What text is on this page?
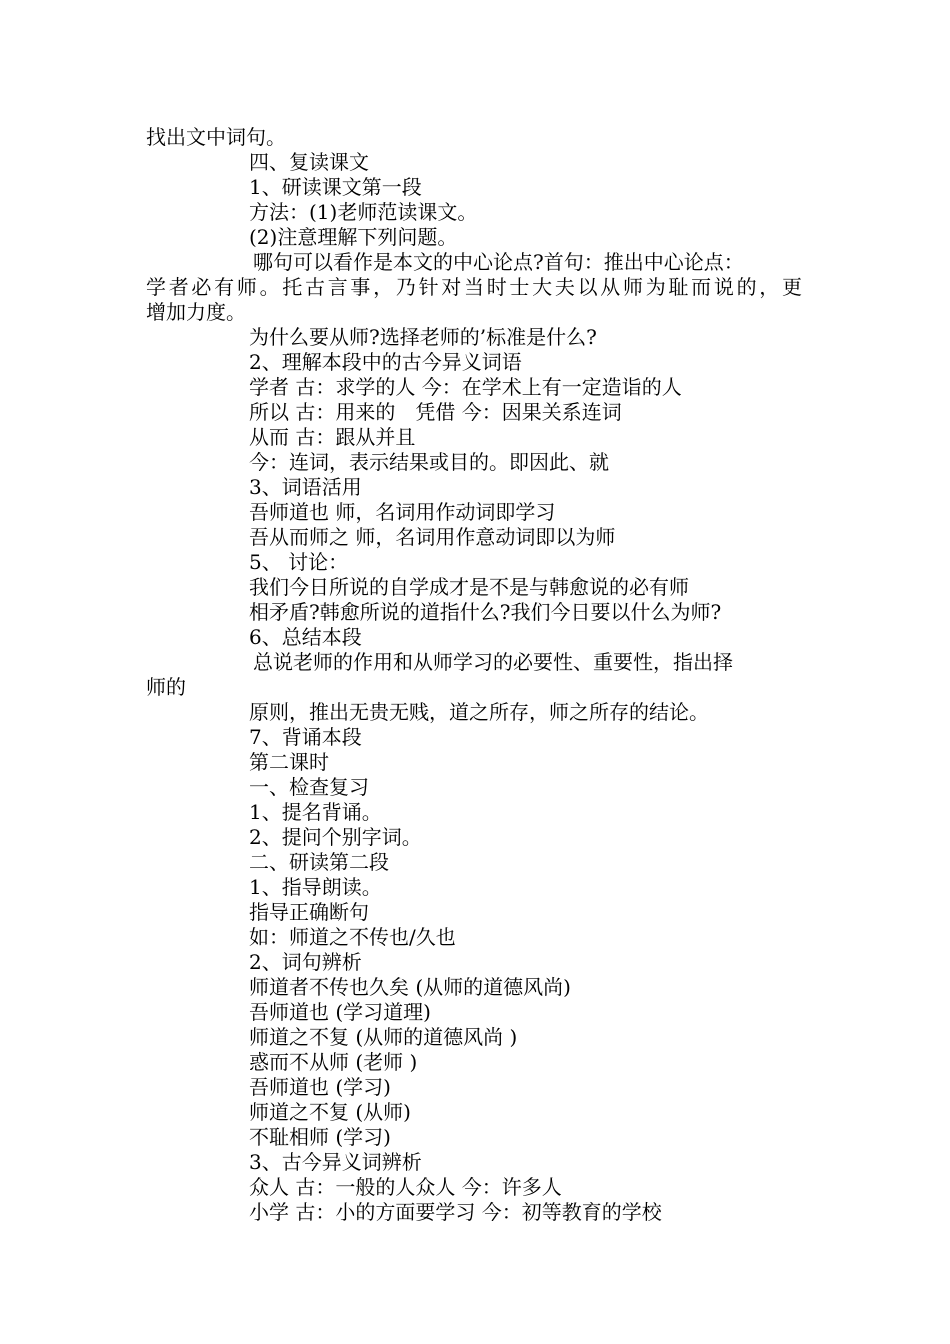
找出文中词句。
四、复读课文
1、研读课文第一段
方法：(1)老师范读课文。
(2)注意理解下列问题。
哪句可以看作是本文的中心论点?首句：推出中心论点：
学者必有师。托古言事，乃针对当时士大夫以从师为耻而说的，更
增加力度。
为什么要从师?选择老师的’标准是什么?
2、理解本段中的古今异义词语
学者 古：求学的人 今：在学术上有一定造诣的人
所以 古：用来的　凭借 今：因果关系连词
从而 古：跟从并且
今：连词，表示结果或目的。即因此、就
3、词语活用
吾师道也 师，名词用作动词即学习
吾从而师之 师，名词用作意动词即以为师
5、 讨论：
我们今日所说的自学成才是不是与韩愈说的必有师
相矛盾?韩愈所说的道指什么?我们今日要以什么为师?
6、总结本段
总说老师的作用和从师学习的必要性、重要性，指出择
师的
原则，推出无贵无贱，道之所存，师之所存的结论。
7、背诵本段
第二课时
一、检查复习
1、提名背诵。
2、提问个别字词。
二、研读第二段
1、指导朗读。
指导正确断句
如：师道之不传也/久也
2、词句辨析
师道者不传也久矣 (从师的道德风尚)
吾师道也 (学习道理)
师道之不复 (从师的道德风尚 )
惑而不从师 (老师 )
吾师道也 (学习)
师道之不复 (从师)
不耻相师 (学习)
3、古今异义词辨析
众人 古：一般的人众人 今：许多人
小学 古：小的方面要学习 今：初等教育的学校
